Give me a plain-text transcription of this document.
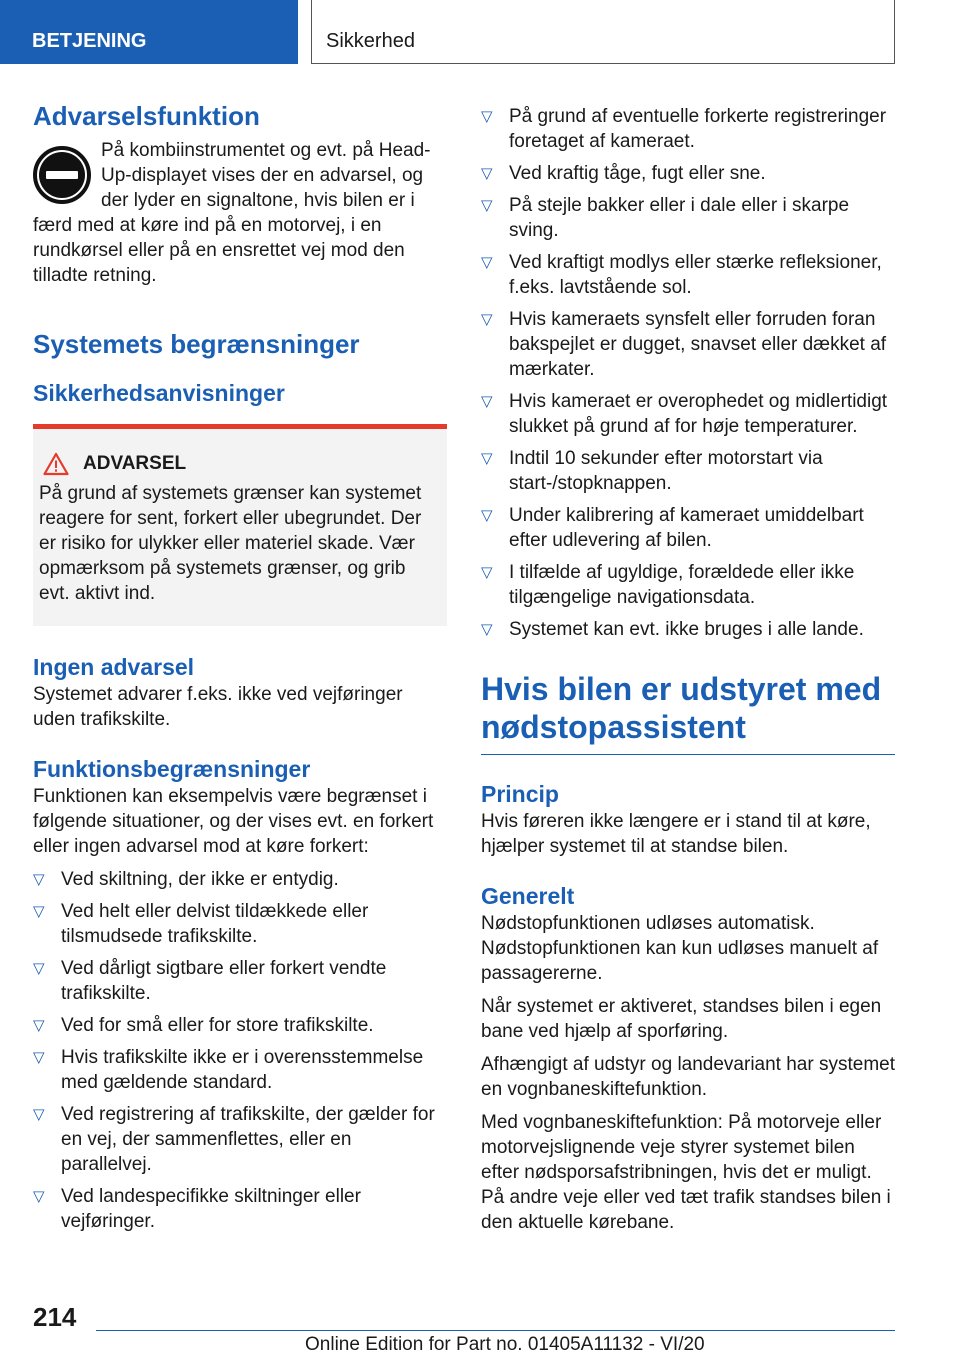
BETJENING	Sikkerhed
Advarselsfunktion

På kombiinstrumentet og evt. på Head-Up-displayet vises der en advarsel, og der lyder en signaltone, hvis bilen er i færd med at køre ind på en motorvej, i en rundkørsel eller på en ensrettet vej mod den tilladte retning.

Systemets begrænsninger
Sikkerhedsanvisninger
ADVARSEL

På grund af systemets grænser kan systemet reagere for sent, forkert eller ubegrundet. Der er risiko for ulykker eller materiel skade. Vær opmærksom på systemets grænser, og grib evt. aktivt ind.

Ingen advarsel

Systemet advarer f.eks. ikke ved vejføringer uden trafikskilte.

Funktionsbegrænsninger

Funktionen kan eksempelvis være begrænset i følgende situationer, og der vises evt. en forkert eller ingen advarsel mod at køre forkert:

▽ Ved skiltning, der ikke er entydig.
▽ Ved helt eller delvist tildækkede eller tilsmudsede trafikskilte.
▽ Ved dårligt sigtbare eller forkert vendte trafikskilte.
▽ Ved for små eller for store trafikskilte.
▽ Hvis trafikskilte ikke er i overensstemmelse med gældende standard.
▽ Ved registrering af trafikskilte, der gælder for en vej, der sammenflettes, eller en parallelvej.
▽ Ved landespecifikke skiltninger eller vejføringer.
▽ På grund af eventuelle forkerte registreringer foretaget af kameraet.
▽ Ved kraftig tåge, fugt eller sne.
▽ På stejle bakker eller i dale eller i skarpe sving.
▽ Ved kraftigt modlys eller stærke refleksioner, f.eks. lavtstående sol.
▽ Hvis kameraets synsfelt eller forruden foran bakspejlet er dugget, snavset eller dækket af mærkater.
▽ Hvis kameraet er overophedet og midlertidigt slukket på grund af for høje temperaturer.
▽ Indtil 10 sekunder efter motorstart via start-/stopknappen.
▽ Under kalibrering af kameraet umiddelbart efter udlevering af bilen.
▽ I tilfælde af ugyldige, forældede eller ikke tilgængelige navigationsdata.
▽ Systemet kan evt. ikke bruges i alle lande.
Hvis bilen er udstyret med nødstopassistent
Princip

Hvis føreren ikke længere er i stand til at køre, hjælper systemet til at standse bilen.

Generelt

Nødstopfunktionen udløses automatisk. Nødstopfunktionen kan kun udløses manuelt af passagererne.

Når systemet er aktiveret, standses bilen i egen bane ved hjælp af sporføring.

Afhængigt af udstyr og landevariant har systemet en vognbaneskiftefunktion.

Med vognbaneskiftefunktion: På motorveje eller motorvejslignende veje styrer systemet bilen efter nødsporsafstribningen, hvis det er muligt. På andre veje eller ved tæt trafik standses bilen i den aktuelle kørebane.

214
Online Edition for Part no. 01405A11132 - VI/20
